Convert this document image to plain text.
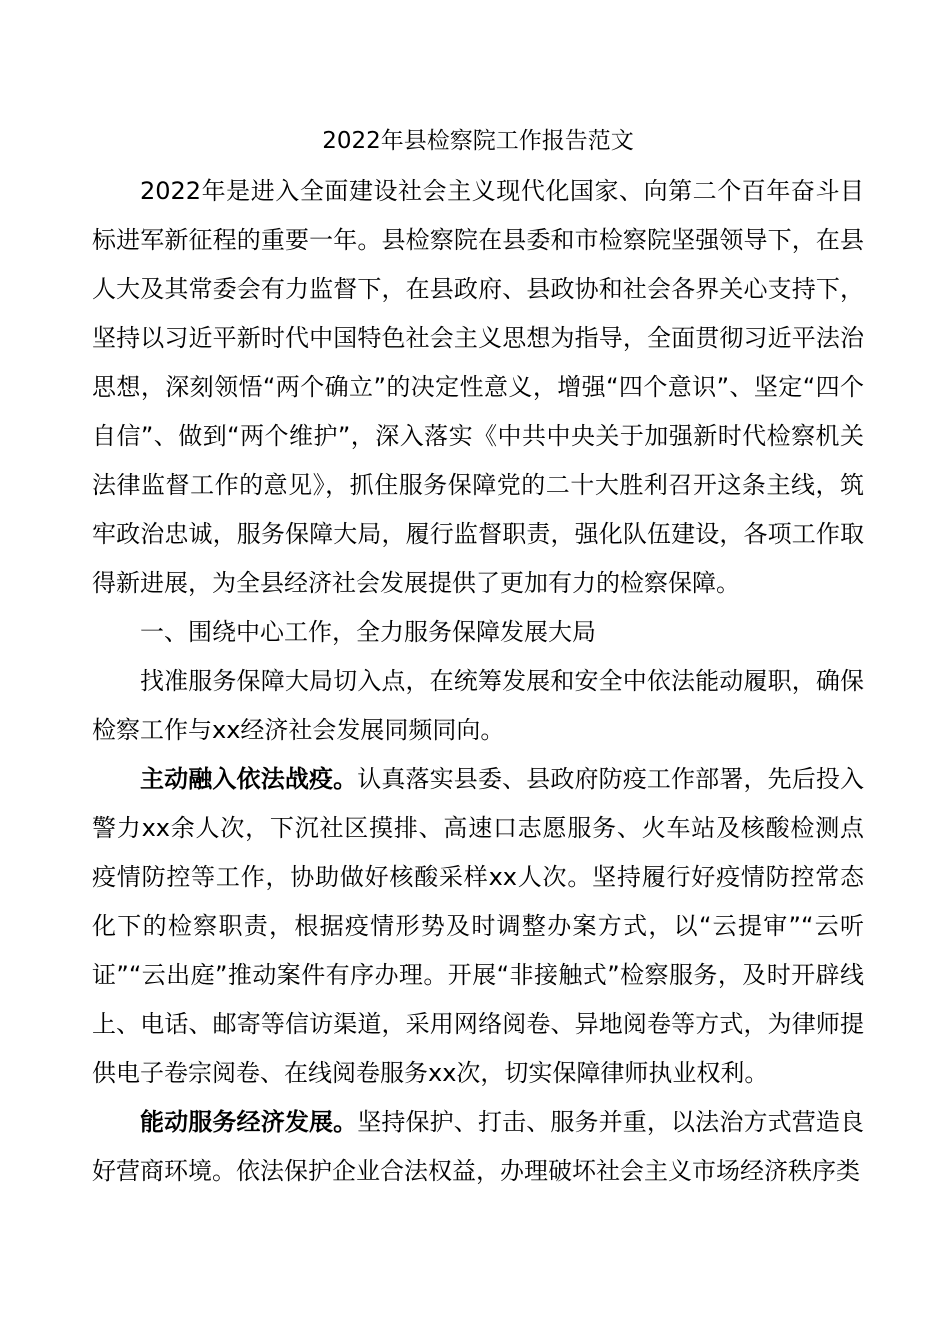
2022年县检察院工作报告范文

2022年是进入全面建设社会主义现代化国家、向第二个百年奋斗目标进军新征程的重要一年。县检察院在县委和市检察院坚强领导下，在县人大及其常委会有力监督下，在县政府、县政协和社会各界关心支持下，坚持以习近平新时代中国特色社会主义思想为指导，全面贯彻习近平法治思想，深刻领悟“两个确立”的决定性意义，增强“四个意识”、坚定“四个自信”、做到“两个维护”，深入落实《中共中央关于加强新时代检察机关法律监督工作的意见》，抓住服务保障党的二十大胜利召开这条主线，筑牢政治忠诚，服务保障大局，履行监督职责，强化队伍建设，各项工作取得新进展，为全县经济社会发展提供了更加有力的检察保障。

一、围绕中心工作，全力服务保障发展大局

找准服务保障大局切入点，在统筹发展和安全中依法能动履职，确保检察工作与xx经济社会发展同频同向。

主动融入依法战疫。认真落实县委、县政府防疫工作部署，先后投入警力xx余人次，下沉社区摸排、高速口志愿服务、火车站及核酸检测点疫情防控等工作，协助做好核酸采样xx人次。坚持履行好疫情防控常态化下的检察职责，根据疫情形势及时调整办案方式，以“云提审”“云听证”“云出庭”推动案件有序办理。开展“非接触式”检察服务，及时开辟线上、电话、邮寄等信访渠道，采用网络阅卷、异地阅卷等方式，为律师提供电子卷宗阅卷、在线阅卷服务xx次，切实保障律师执业权利。

能动服务经济发展。坚持保护、打击、服务并重，以法治方式营造良好营商环境。依法保护企业合法权益，办理破坏社会主义市场经济秩序类
